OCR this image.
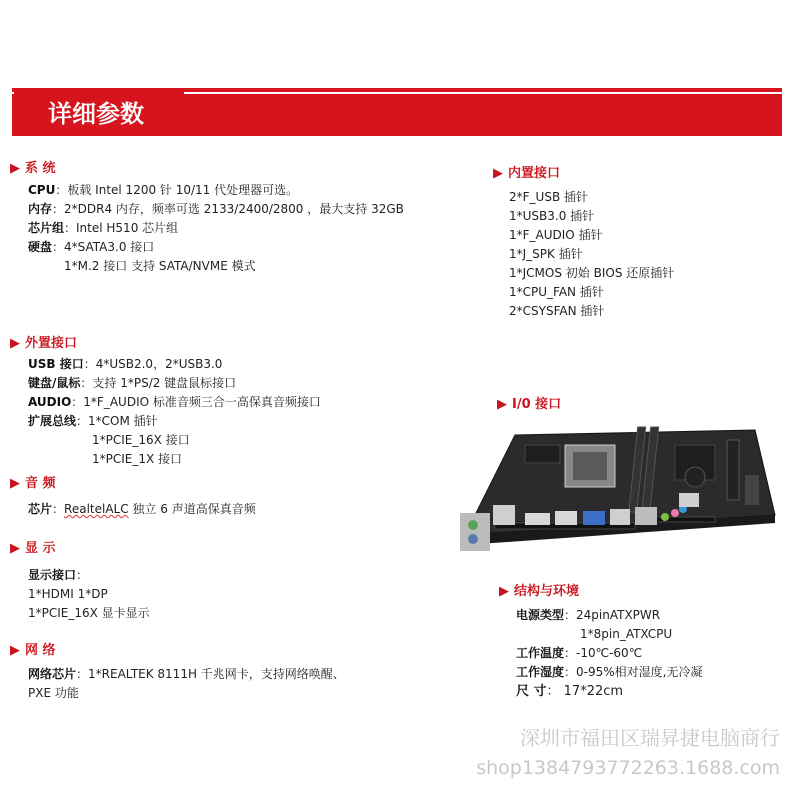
详细参数
▶ 系 统
CPU：板载 Intel 1200 针 10/11 代处理器可选。
内存：2*DDR4 内存，频率可选 2133/2400/2800 ，最大支持 32GB
芯片组：Intel H510 芯片组
硬盘：4*SATA3.0 接口
1*M.2 接口 支持 SATA/NVME 模式
▶ 外置接口
USB 接口：4*USB2.0，2*USB3.0
键盘/鼠标：支持 1*PS/2 键盘鼠标接口
AUDIO：1*F_AUDIO 标准音频三合一高保真音频接口
扩展总线：1*COM 插针
1*PCIE_16X 接口
1*PCIE_1X 接口
▶ 音 频
芯片：RealtelALC 独立 6 声道高保真音频
▶ 显 示
显示接口：
1*HDMI 1*DP
1*PCIE_16X 显卡显示
▶ 网 络
网络芯片：1*REALTEK 8111H 千兆网卡，支持网络唤醒、
PXE 功能
▶ 内置接口
2*F_USB 插针
1*USB3.0 插针
1*F_AUDIO 插针
1*J_SPK 插针
1*JCMOS 初始 BIOS 还原插针
1*CPU_FAN 插针
2*CSYSFAN 插针
▶ I/0 接口
▶ 结构与环境
电源类型：24pinATXPWR
1*8pin_ATXCPU
工作温度：-10℃-60℃
工作湿度：0-95%相对湿度,无冷凝
尺 寸： 17*22cm
深圳市福田区瑞昇捷电脑商行
shop1384793772263.1688.com
